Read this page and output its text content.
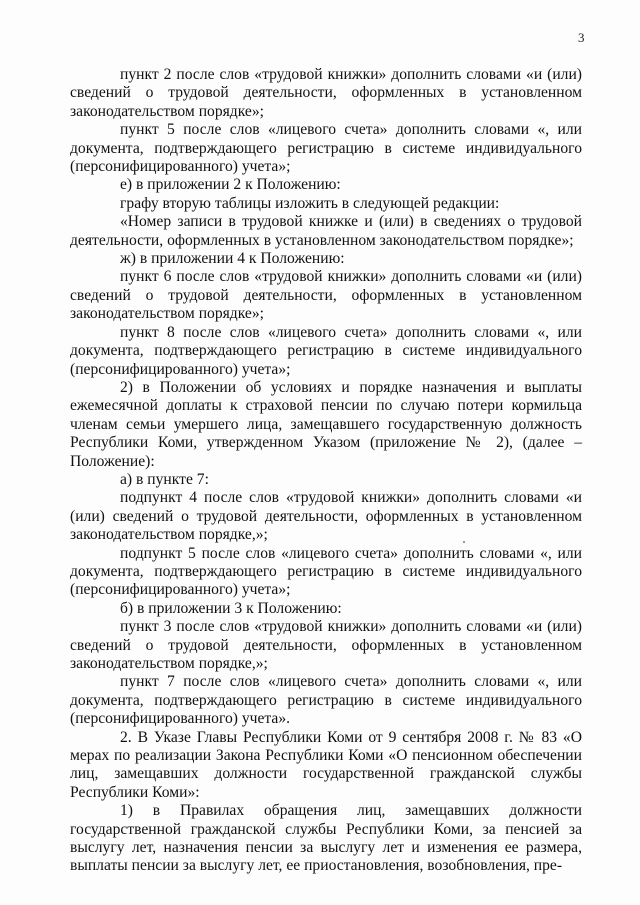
3

пункт 2 после слов «трудовой книжки» дополнить словами «и (или) сведений о трудовой деятельности, оформленных в установленном законодательством порядке»;

пункт 5 после слов «лицевого счета» дополнить словами «, или документа, подтверждающего регистрацию в системе индивидуального (персонифицированного) учета»;

е) в приложении 2 к Положению:

графу вторую таблицы изложить в следующей редакции:

«Номер записи в трудовой книжке и (или) в сведениях о трудовой деятельности, оформленных в установленном законодательством порядке»;

ж) в приложении 4 к Положению:

пункт 6 после слов «трудовой книжки» дополнить словами «и (или) сведений о трудовой деятельности, оформленных в установленном законодательством порядке»;

пункт 8 после слов «лицевого счета» дополнить словами «, или документа, подтверждающего регистрацию в системе индивидуального (персонифицированного) учета»;

2) в Положении об условиях и порядке назначения и выплаты ежемесячной доплаты к страховой пенсии по случаю потери кормильца членам семьи умершего лица, замещавшего государственную должность Республики Коми, утвержденном Указом (приложение № 2), (далее – Положение):

а) в пункте 7:

подпункт 4 после слов «трудовой книжки» дополнить словами «и (или) сведений о трудовой деятельности, оформленных в установленном законодательством порядке,»;

подпункт 5 после слов «лицевого счета» дополнить словами «, или документа, подтверждающего регистрацию в системе индивидуального (персонифицированного) учета»;

б) в приложении 3 к Положению:

пункт 3 после слов «трудовой книжки» дополнить словами «и (или) сведений о трудовой деятельности, оформленных в установленном законодательством порядке,»;

пункт 7 после слов «лицевого счета» дополнить словами «, или документа, подтверждающего регистрацию в системе индивидуального (персонифицированного) учета».

2. В Указе Главы Республики Коми от 9 сентября 2008 г. № 83 «О мерах по реализации Закона Республики Коми «О пенсионном обеспечении лиц, замещавших должности государственной гражданской службы Республики Коми»:

1) в Правилах обращения лиц, замещавших должности государственной гражданской службы Республики Коми, за пенсией за выслугу лет, назначения пенсии за выслугу лет и изменения ее размера, выплаты пенсии за выслугу лет, ее приостановления, возобновления, пре-
